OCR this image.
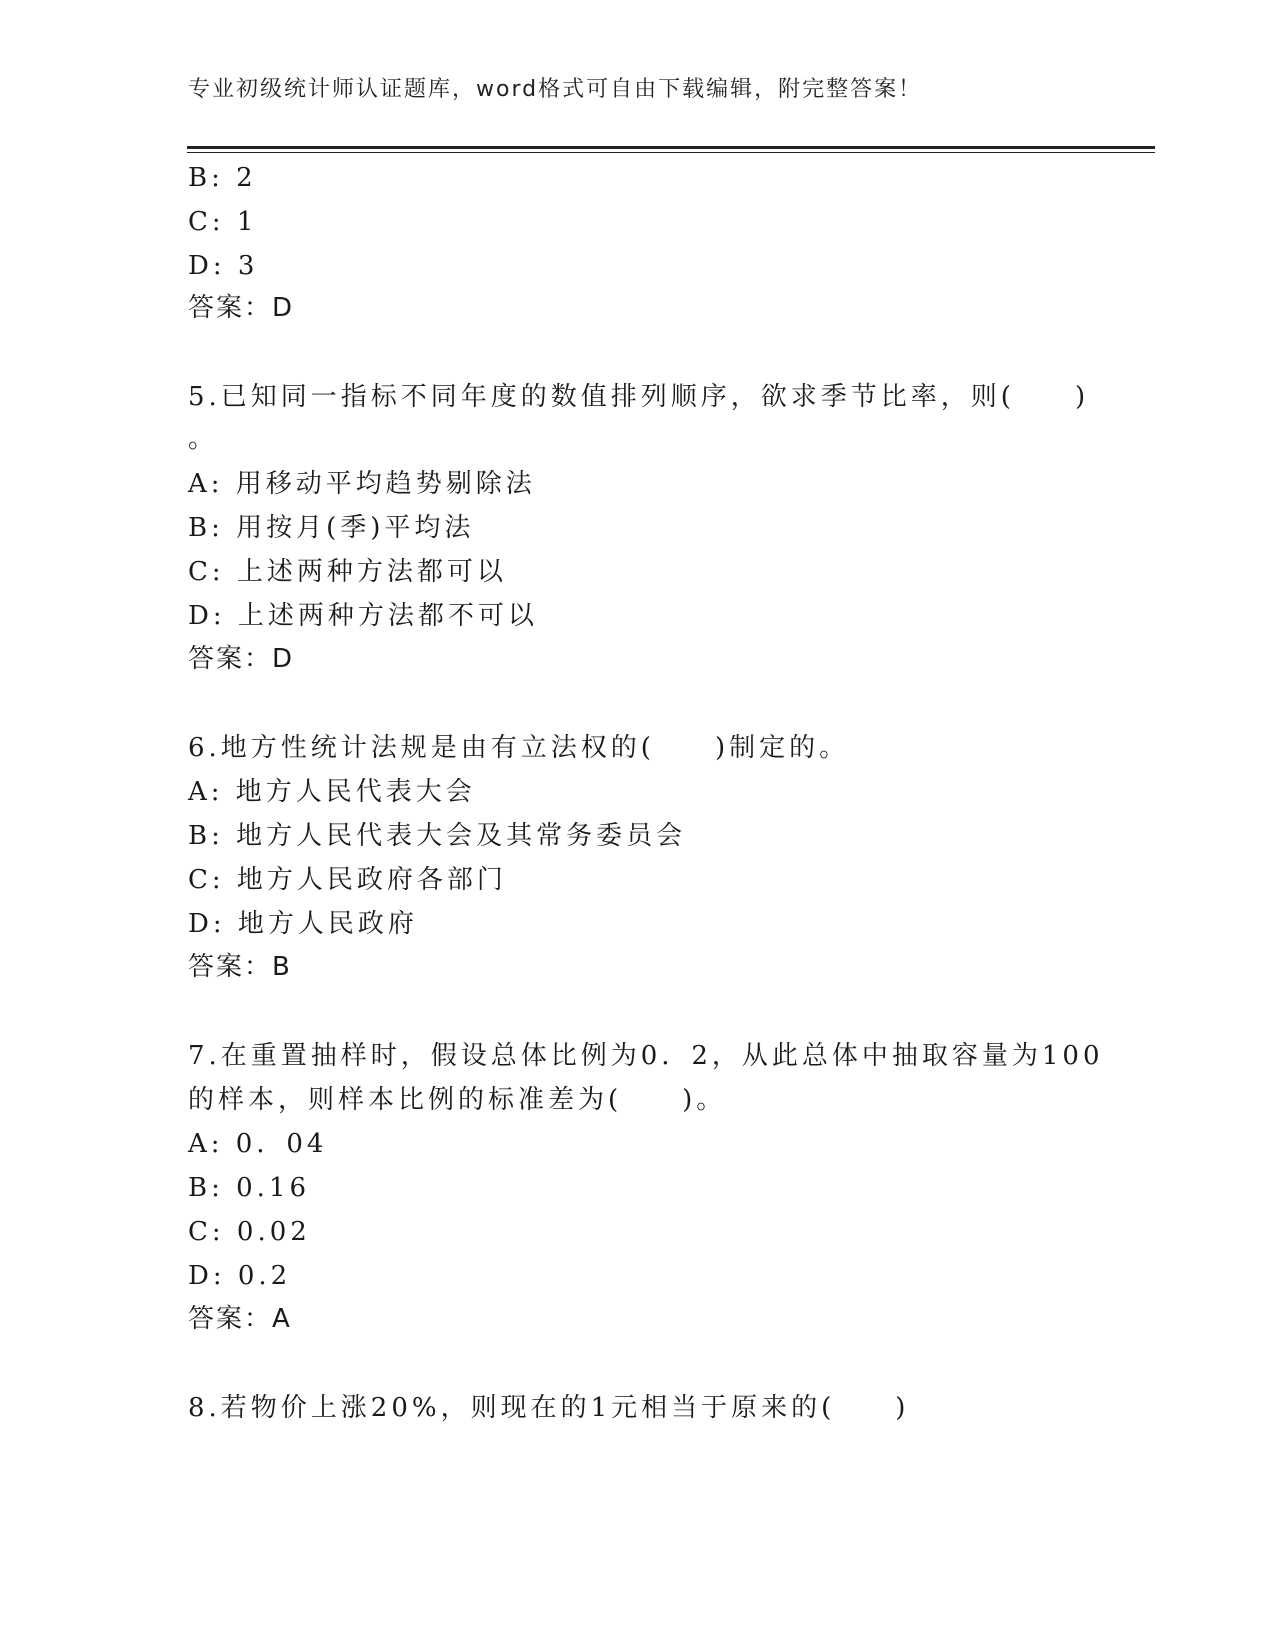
专业初级统计师认证题库，word格式可自由下载编辑，附完整答案！
B: 2
C: 1
D: 3
答案：D
5.已知同一指标不同年度的数值排列顺序，欲求季节比率，则(　　)
。
A: 用移动平均趋势剔除法
B: 用按月(季)平均法
C: 上述两种方法都可以
D: 上述两种方法都不可以
答案：D
6.地方性统计法规是由有立法权的(　　)制定的。
A: 地方人民代表大会
B: 地方人民代表大会及其常务委员会
C: 地方人民政府各部门
D: 地方人民政府
答案：B
7.在重置抽样时，假设总体比例为0．2，从此总体中抽取容量为100
的样本，则样本比例的标准差为(　　)。
A: 0．04
B: 0.16
C: 0.02
D: 0.2
答案：A
8.若物价上涨20%，则现在的1元相当于原来的(　　)
